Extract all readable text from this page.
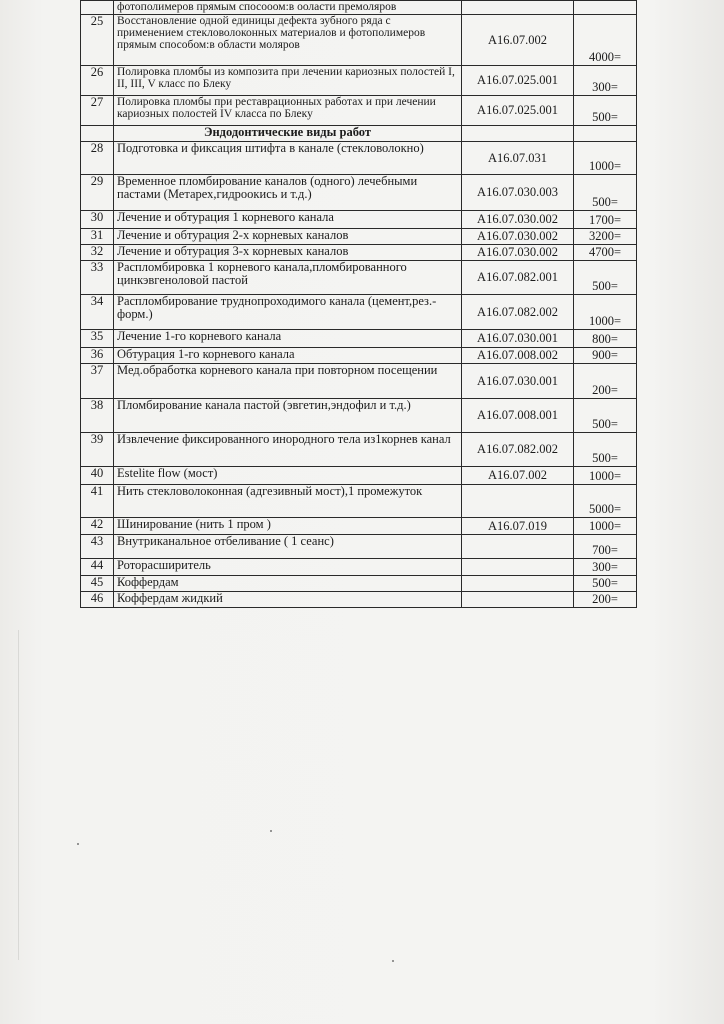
	фотополимеров прямым спосооом:в ооласти премоляров		
25	Восстановление одной единицы дефекта зубного ряда с применением стекловолоконных материалов и фотополимеров прямым способом:в области моляров	A16.07.002	4000=
26	Полировка пломбы из композита при лечении кариозных полостей I, II, III, V класс по Блеку	A16.07.025.001	300=
27	Полировка пломбы при реставрационных работах и при лечении кариозных полостей IV класса по Блеку	A16.07.025.001	500=
	Эндодонтические виды работ		
28	Подготовка и фиксация штифта в канале (стекловолокно)	A16.07.031	1000=
29	Временное пломбирование каналов (одного) лечебными пастами (Метарех,гидроокись и т.д.)	A16.07.030.003	500=
30	Лечение и обтурация 1 корневого канала	A16.07.030.002	1700=
31	Лечение и обтурация 2-х корневых каналов	A16.07.030.002	3200=
32	Лечение и обтурация 3-х корневых каналов	A16.07.030.002	4700=
33	Распломбировка 1 корневого канала,пломбированного цинкэвгеноловой пастой	A16.07.082.001	500=
34	Распломбирование труднопроходимого канала (цемент,рез.-форм.)	A16.07.082.002	1000=
35	Лечение 1-го корневого канала	A16.07.030.001	800=
36	Обтурация 1-го корневого канала	A16.07.008.002	900=
37	Мед.обработка корневого канала при повторном посещении	A16.07.030.001	200=
38	Пломбирование канала пастой (эвгетин,эндофил и т.д.)	A16.07.008.001	500=
39	Извлечение фиксированного инородного тела из1корнев канал	A16.07.082.002	500=
40	Estelite flow (мост)	A16.07.002	1000=
41	Нить стекловолоконная (адгезивный мост),1 промежуток		5000=
42	Шинирование (нить 1 пром )	A16.07.019	1000=
43	Внутриканальное отбеливание ( 1 сеанс)		700=
44	Роторасширитель		300=
45	Коффердам		500=
46	Коффердам жидкий		200=
